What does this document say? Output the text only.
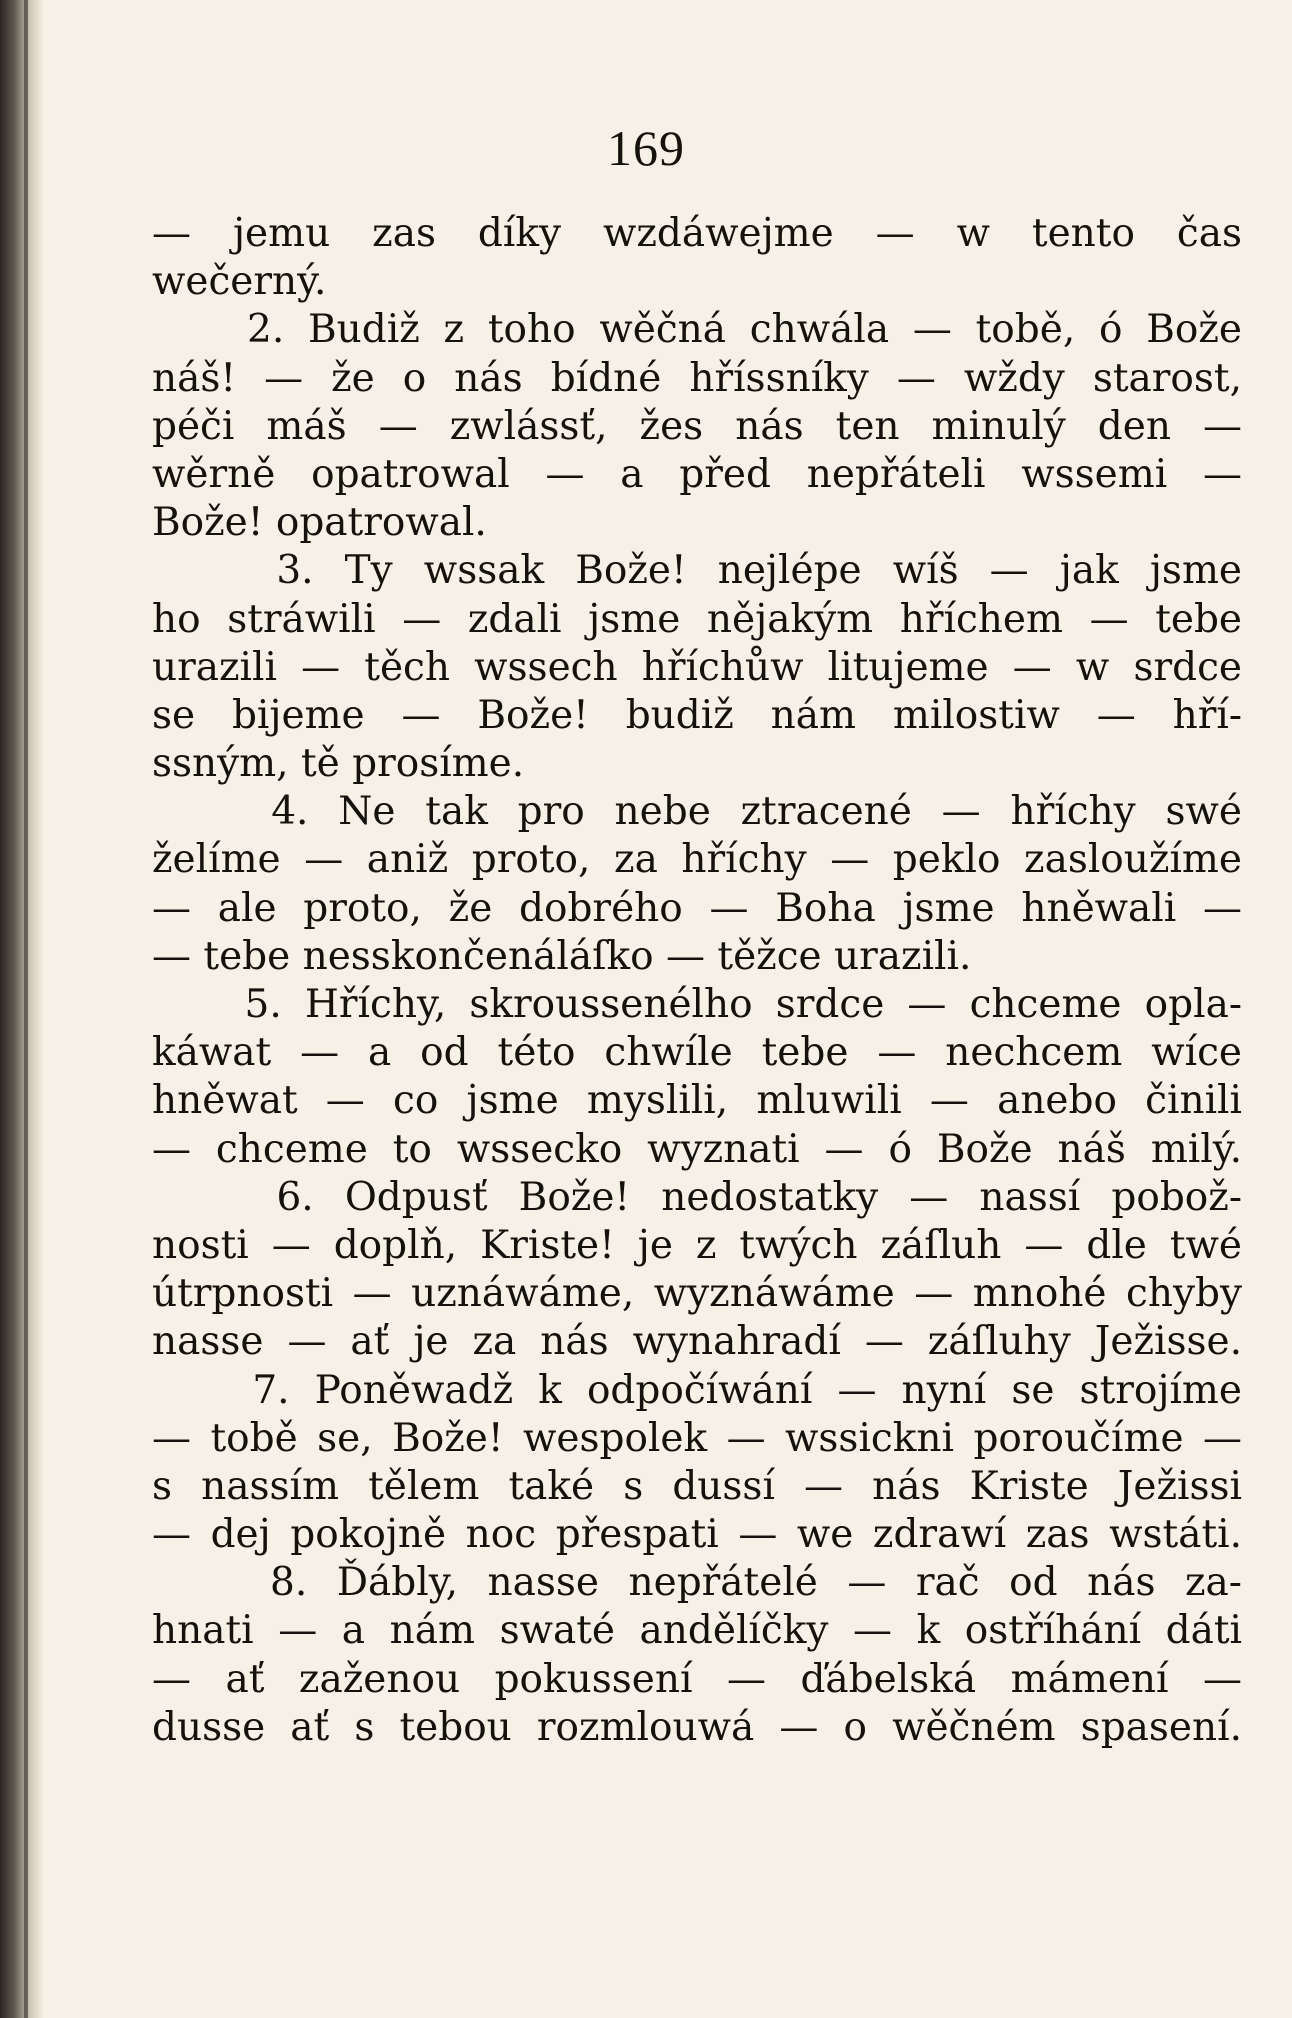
169
— jemu zas díky wzdáwejme — w tento čas
wečerný.
2. Budiž z toho wěčná chwála — tobě, ó Bože
náš! — že o nás bídné hříssníky — wždy starost,
péči máš — zwlássť, žes nás ten minulý den —
wěrně opatrowal — a před nepřáteli wssemi —
Bože! opatrowal.
3. Ty wssak Bože! nejlépe wíš — jak jsme
ho stráwili — zdali jsme nějakým hříchem — tebe
urazili — těch wssech hříchůw litujeme — w srdce
se bijeme — Bože! budiž nám milostiw — hří-
ssným, tě prosíme.
4. Ne tak pro nebe ztracené — hříchy swé
želíme — aniž proto, za hříchy — peklo zasloužíme
— ale proto, že dobrého — Boha jsme hněwali —
— tebe nesskončenáláſko — těžce urazili.
5. Hříchy, skroussenélho srdce — chceme opla-
káwat — a od této chwíle tebe — nechcem wíce
hněwat — co jsme myslili, mluwili — anebo činili
— chceme to wssecko wyznati — ó Bože náš milý.
6. Odpusť Bože! nedostatky — nassí pobož-
nosti — doplň, Kriste! je z twých záſluh — dle twé
útrpnosti — uznáwáme, wyznáwáme — mnohé chyby
nasse — ať je za nás wynahradí — záſluhy Ježisse.
7. Poněwadž k odpočíwání — nyní se strojíme
— tobě se, Bože! wespolek — wssickni poroučíme —
s nassím tělem také s dussí — nás Kriste Ježissi
— dej pokojně noc přespati — we zdrawí zas wstáti.
8. Ďábly, nasse nepřátelé — rač od nás za-
hnati — a nám swaté andělíčky — k ostříhání dáti
— ať zaženou pokussení — ďábelská mámení —
dusse ať s tebou rozmlouwá — o wěčném spasení.
